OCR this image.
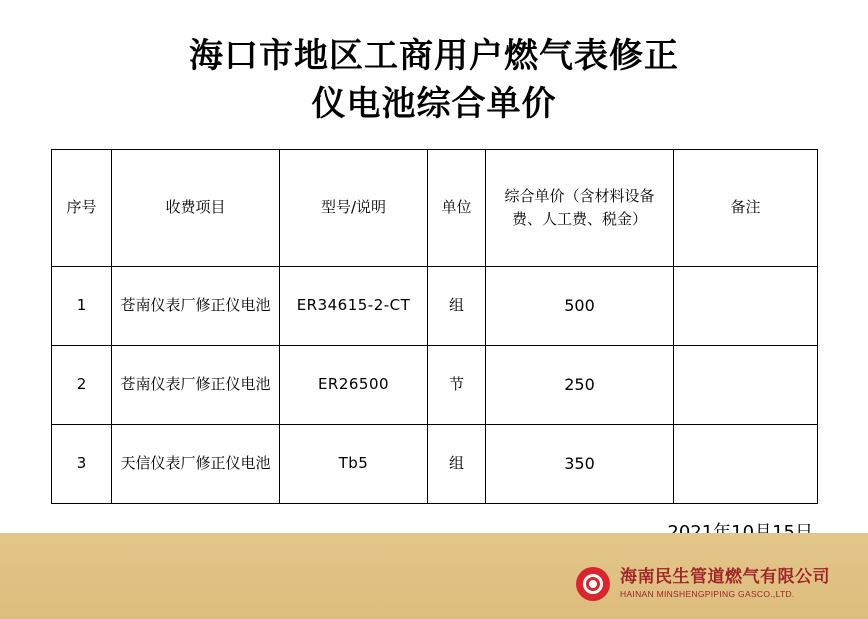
海口市地区工商用户燃气表修正
仪电池综合单价
序号	收费项目	型号/说明	单位	综合单价（含材料设备费、人工费、税金）	备注
1	苍南仪表厂修正仪电池	ER34615-2-CT	组	500	
2	苍南仪表厂修正仪电池	ER26500	节	250	
3	天信仪表厂修正仪电池	Tb5	组	350	
海南民生管道燃气有限公司
HAINAN MINSHENGPIPING GASCO.,LTD.
